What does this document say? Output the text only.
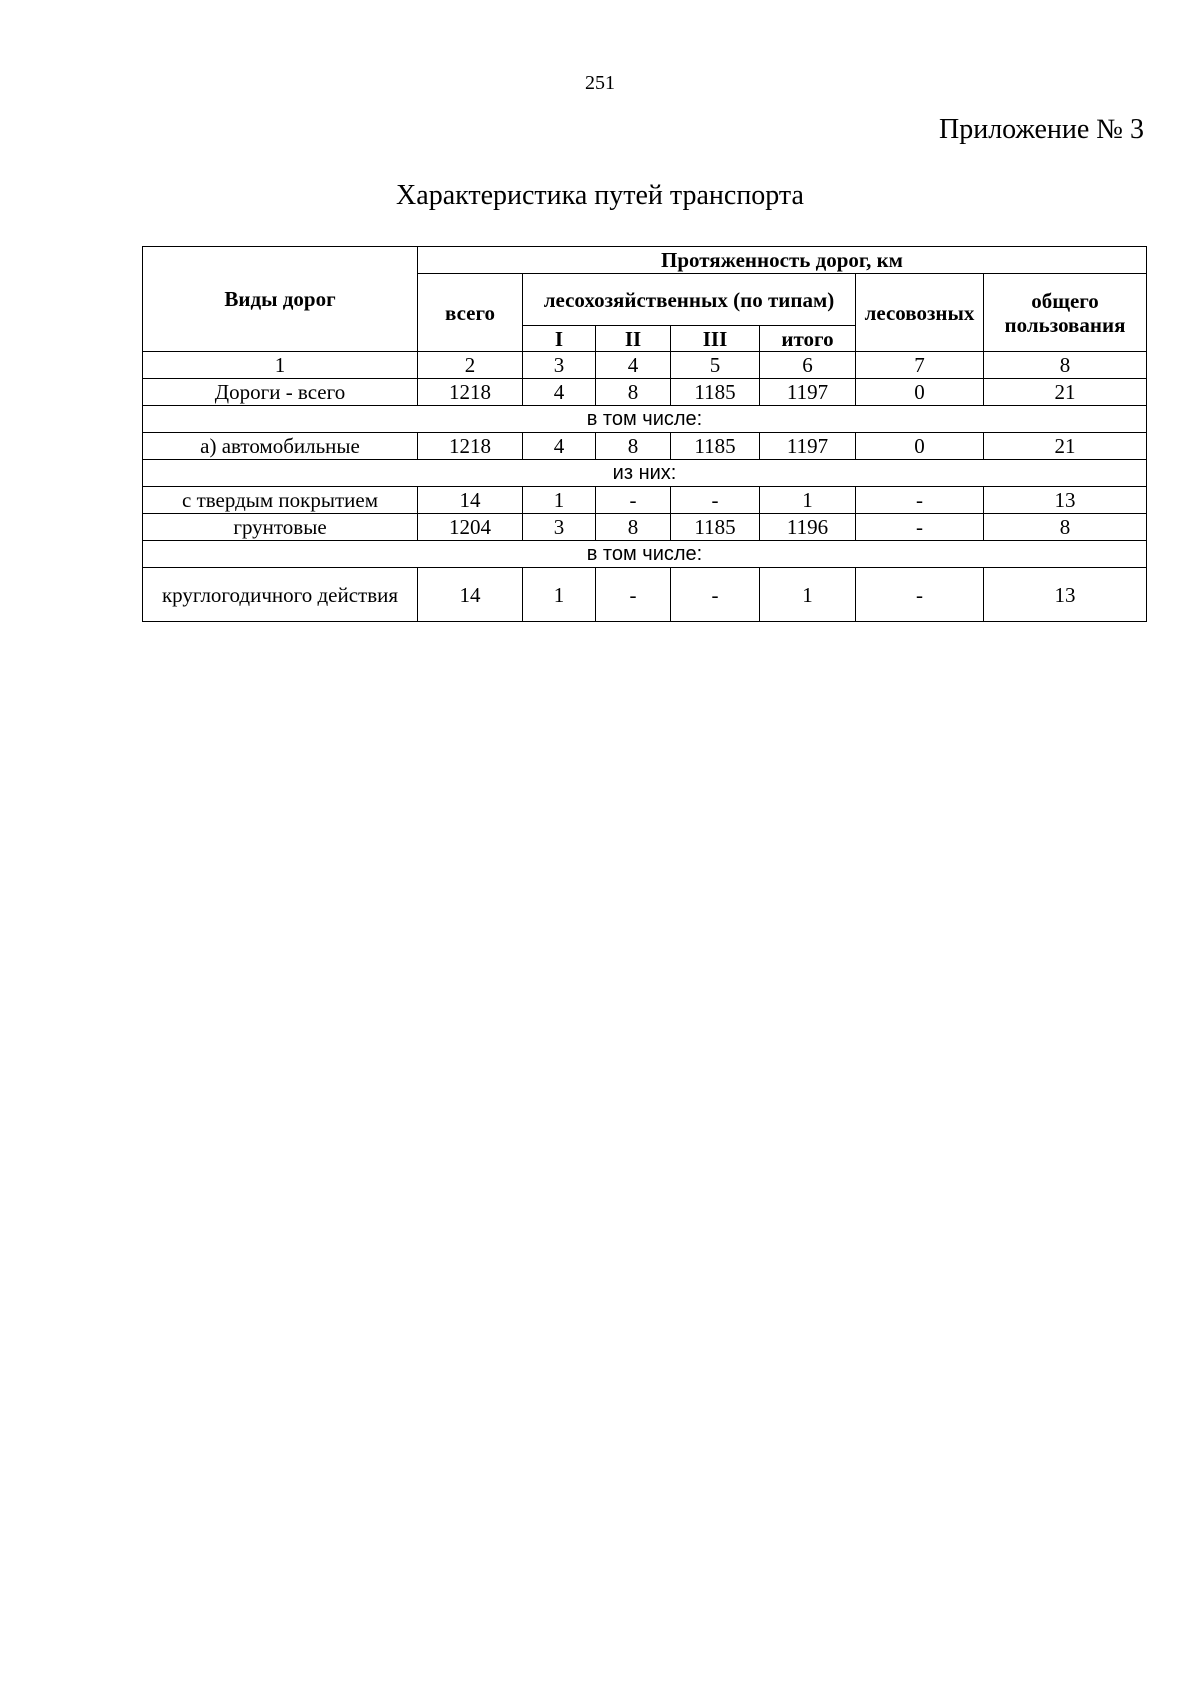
251
Приложение № 3
Характеристика путей транспорта
Виды дорог	Протяженность дорог, км						
	всего	лесохозяйственных (по типам)				лесовозных	общего пользования
		I	II	III	итого		
1	2	3	4	5	6	7	8
Дороги - всего	1218	4	8	1185	1197	0	21
в том числе:							
а) автомобильные	1218	4	8	1185	1197	0	21
из них:							
с твердым покрытием	14	1	-	-	1	-	13
грунтовые	1204	3	8	1185	1196	-	8
в том числе:							
круглогодичного действия	14	1	-	-	1	-	13
